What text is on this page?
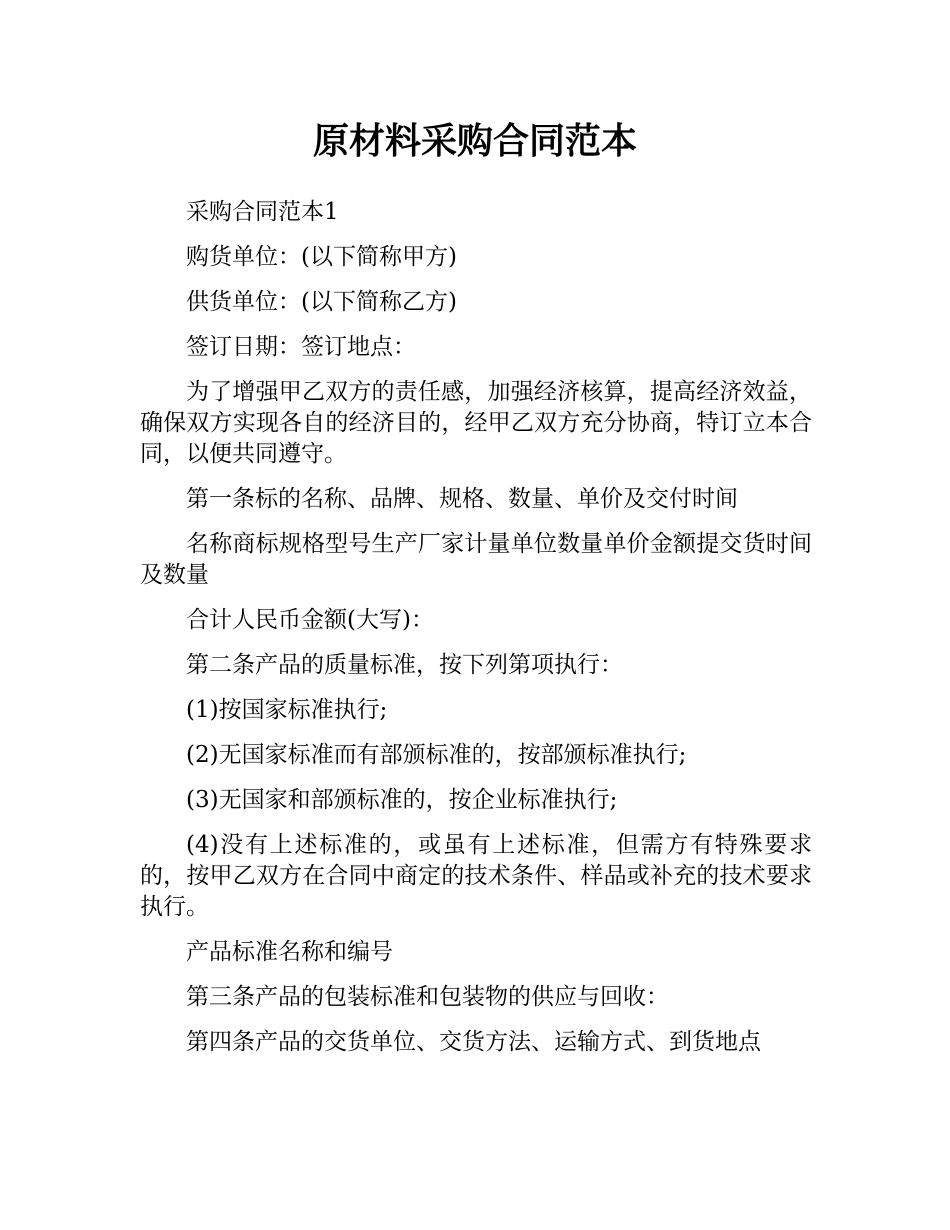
原材料采购合同范本

采购合同范本1

购货单位：(以下简称甲方)

供货单位：(以下简称乙方)

签订日期：签订地点：

为了增强甲乙双方的责任感，加强经济核算，提高经济效益，确保双方实现各自的经济目的，经甲乙双方充分协商，特订立本合同，以便共同遵守。

第一条标的名称、品牌、规格、数量、单价及交付时间

名称商标规格型号生产厂家计量单位数量单价金额提交货时间及数量

合计人民币金额(大写)：

第二条产品的质量标准，按下列第项执行：

(1)按国家标准执行;

(2)无国家标准而有部颁标准的，按部颁标准执行;

(3)无国家和部颁标准的，按企业标准执行;

(4)没有上述标准的，或虽有上述标准，但需方有特殊要求的，按甲乙双方在合同中商定的技术条件、样品或补充的技术要求执行。

产品标准名称和编号

第三条产品的包装标准和包装物的供应与回收：

第四条产品的交货单位、交货方法、运输方式、到货地点
